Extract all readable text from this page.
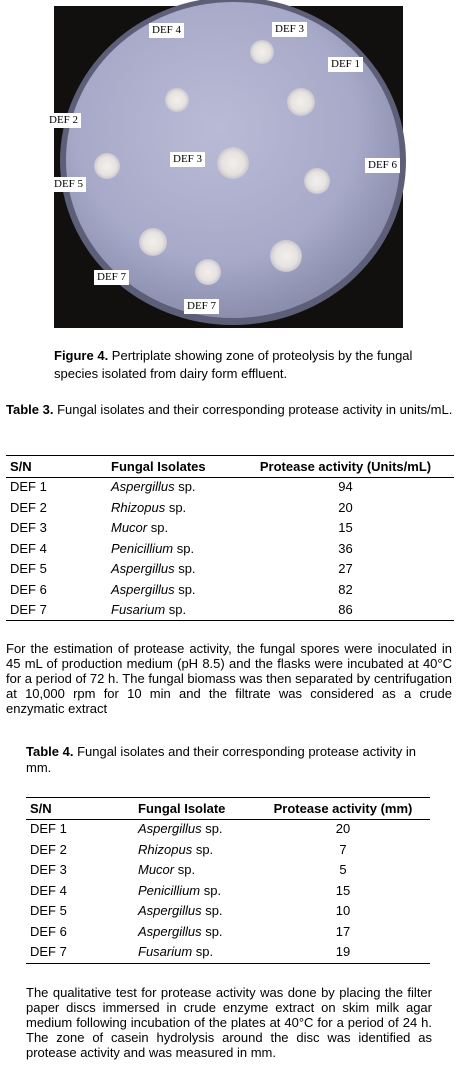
DEF 4	DEF 3
DEF 1
DEF 2
DEF 3	DEF 6
DEF 5
DEF 7
DEF 7
Figure 4. Pertriplate showing zone of proteolysis by the fungal species isolated from dairy form effluent.
Table 3. Fungal isolates and their corresponding protease activity in units/mL.
S/N	Fungal Isolates	Protease activity (Units/mL)
DEF 1	Aspergillus sp.	94
DEF 2	Rhizopus sp.	20
DEF 3	Mucor sp.	15
DEF 4	Penicillium sp.	36
DEF 5	Aspergillus sp.	27
DEF 6	Aspergillus sp.	82
DEF 7	Fusarium sp.	86
For the estimation of protease activity, the fungal spores were inoculated in 45 mL of production medium (pH 8.5) and the flasks were incubated at 40°C for a period of 72 h. The fungal biomass was then separated by centrifugation at 10,000 rpm for 10 min and the filtrate was considered as a crude enzymatic extract
Table 4. Fungal isolates and their corresponding protease activity in mm.
S/N	Fungal Isolate	Protease activity (mm)
DEF 1	Aspergillus sp.	20
DEF 2	Rhizopus sp.	7
DEF 3	Mucor sp.	5
DEF 4	Penicillium sp.	15
DEF 5	Aspergillus sp.	10
DEF 6	Aspergillus sp.	17
DEF 7	Fusarium sp.	19
The qualitative test for protease activity was done by placing the filter paper discs immersed in crude enzyme extract on skim milk agar medium following incubation of the plates at 40°C for a period of 24 h. The zone of casein hydrolysis around the disc was identified as protease activity and was measured in mm.
